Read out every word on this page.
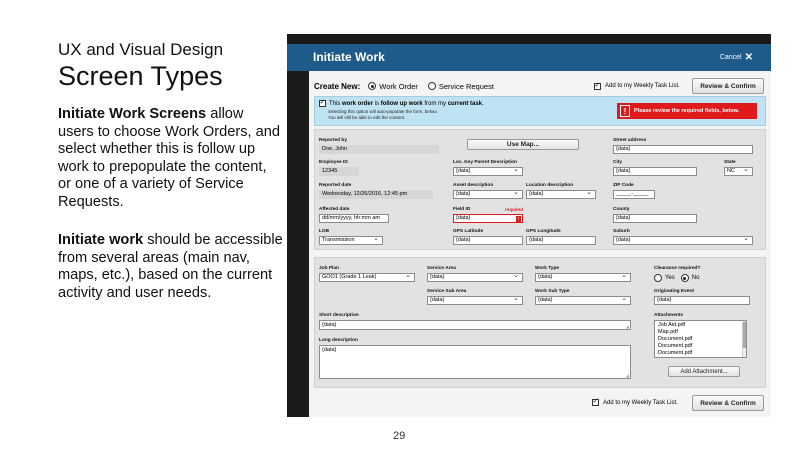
UX and Visual Design
Screen Types
Initiate Work Screens allow users to choose Work Orders, and select whether this is follow up work to prepopulate the content, or one of a variety of Service Requests.
Initiate work should be accessible from several areas (main nav, maps, etc.), based on the current activity and user needs.
29
Initiate Work	Cancel ✕
Create New:	Work Order	Service Request
✓	Add to my Weekly Task List.	Review & Confirm
✓
This work order is follow up work from my current task.
Selecting this option will auto-populate the form, below.
You will still be able to edit the content.
!	Please review the required fields, below.
Reported by
Doe, John
Use Map...
Street address
{data}
Employee ID
12345
Loc. Key Parent Description
{data} ⌄
City
{data}
State
NC ⌄
Reported date
Wednesday, 12/26/2016, 12:45 pm
Asset description
{data} ⌄
Location description
{data} ⌄
ZIP Code
_____-_____
Affected date
dd/mm/yyyy, hh:mm am
Field ID	required
{data}	!
County
{data}
LOB
Transmission ⌄
GPS Latitude
{data}
GPS Longitude
{data}
Suburb
{data} ⌄
Job Plan
GOO1 (Grade 1 Leak) ⌄
Service Area
{data} ⌄
Work Type
{data} ⌄
Clearance required?
Yes	No
Service Sub Area
{data} ⌄
Work Sub Type
{data} ⌄
Originating Event
{data}
Short description
{data} ◢
Attachments
Job Aid.pdf
Map.pdf
Document.pdf
Document.pdf
Document.pdf
Long description
{data} ◢
Add Attachment...
✓
Add to my Weekly Task List.	Review & Confirm
